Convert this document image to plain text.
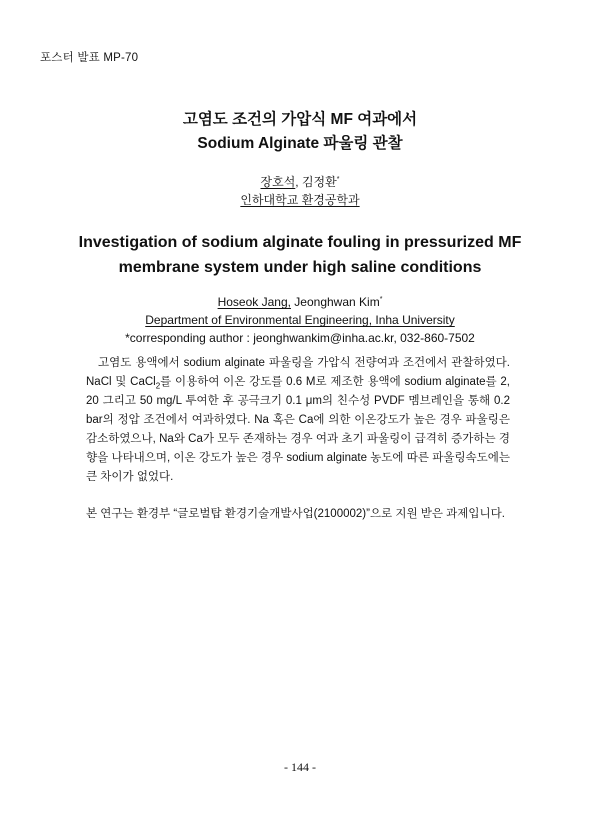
포스터 발표 MP-70
고염도 조건의 가압식 MF 여과에서
Sodium Alginate 파울링 관찰
장호석, 김정환*
인하대학교 환경공학과
Investigation of sodium alginate fouling in pressurized MF
membrane system under high saline conditions
Hoseok Jang, Jeonghwan Kim*
Department of Environmental Engineering, Inha University
*corresponding author : jeonghwankim@inha.ac.kr, 032-860-7502

고염도 용액에서 sodium alginate 파울링을 가압식 전량여과 조건에서 관찰하였다. NaCl 및 CaCl$_2$를 이용하여 이온 강도를 0.6 M로 제조한 용액에 sodium alginate를 2, 20 그리고 50 mg/L 투여한 후 공극크기 0.1 μm의 친수성 PVDF 멤브레인을 통해 0.2 bar의 정압 조건에서 여과하였다. Na 혹은 Ca에 의한 이온강도가 높은 경우 파울링은 감소하였으나, Na와 Ca가 모두 존재하는 경우 여과 초기 파울링이 급격히 증가하는 경향을 나타내으며, 이온 강도가 높은 경우 sodium alginate 농도에 따른 파울링속도에는 큰 차이가 없었다.

본 연구는 환경부 “글로벌탑 환경기술개발사업(2100002)”으로 지원 받은 과제입니다.

- 144 -
